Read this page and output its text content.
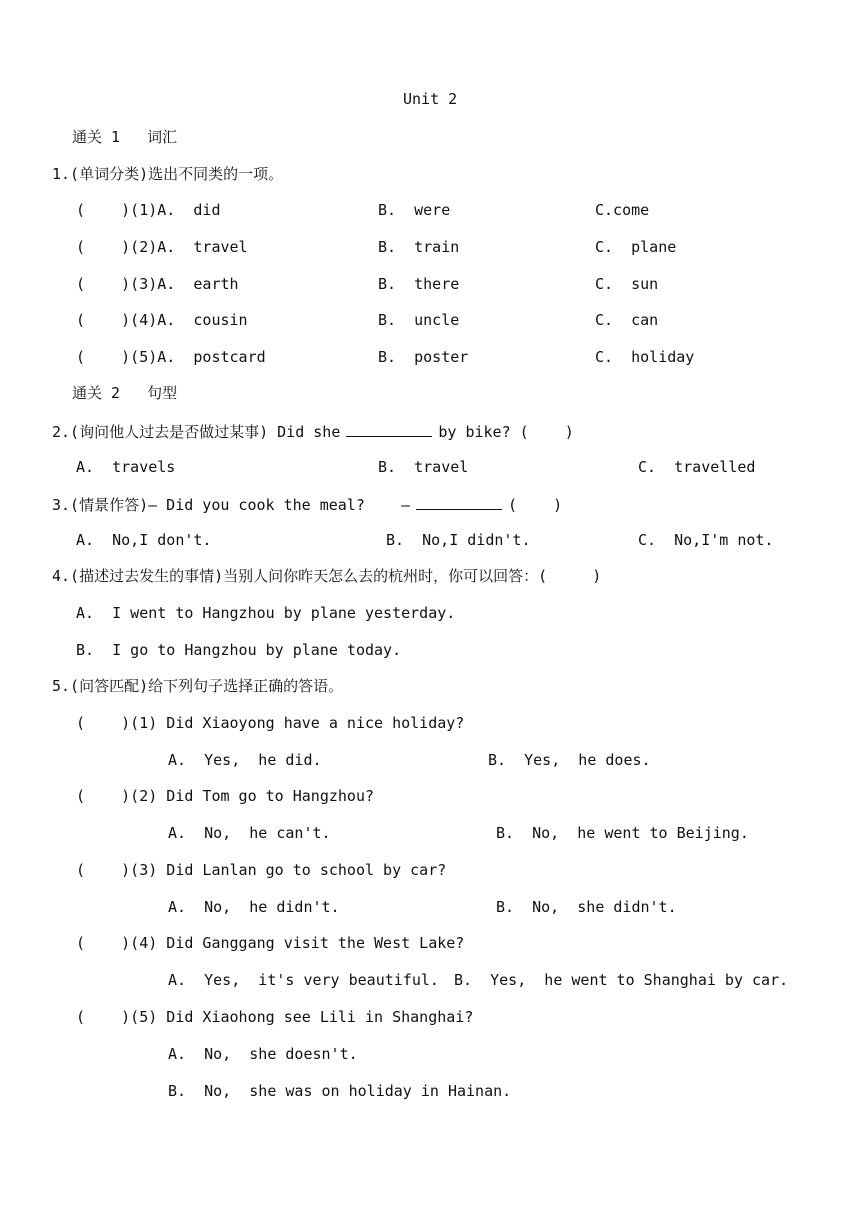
Unit 2
通关 1   词汇
1.(单词分类)选出不同类的一项。
(    )(1)A.  did	B.  were	C.come
(    )(2)A.  travel	B.  train	C.  plane
(    )(3)A.  earth	B.  there	C.  sun
(    )(4)A.  cousin	B.  uncle	C.  can
(    )(5)A.  postcard	B.  poster	C.  holiday
通关 2   句型
2.(询问他人过去是否做过某事) Did she	by bike? (    )
A.  travels	B.  travel	C.  travelled
3.(情景作答)— Did you cook the meal?    —	(    )
A.  No,I don't.	B.  No,I didn't.	C.  No,I'm not.
4.(描述过去发生的事情)当别人问你昨天怎么去的杭州时，你可以回答：(     )
A.  I went to Hangzhou by plane yesterday.
B.  I go to Hangzhou by plane today.
5.(问答匹配)给下列句子选择正确的答语。
(    )(1) Did Xiaoyong have a nice holiday?
A.  Yes,  he did.	B.  Yes,  he does.
(    )(2) Did Tom go to Hangzhou?
A.  No,  he can't.	B.  No,  he went to Beijing.
(    )(3) Did Lanlan go to school by car?
A.  No,  he didn't.	B.  No,  she didn't.
(    )(4) Did Ganggang visit the West Lake?
A.  Yes,  it's very beautiful. B.  Yes,  he went to Shanghai by car.
(    )(5) Did Xiaohong see Lili in Shanghai?
A.  No,  she doesn't.
B.  No,  she was on holiday in Hainan.
